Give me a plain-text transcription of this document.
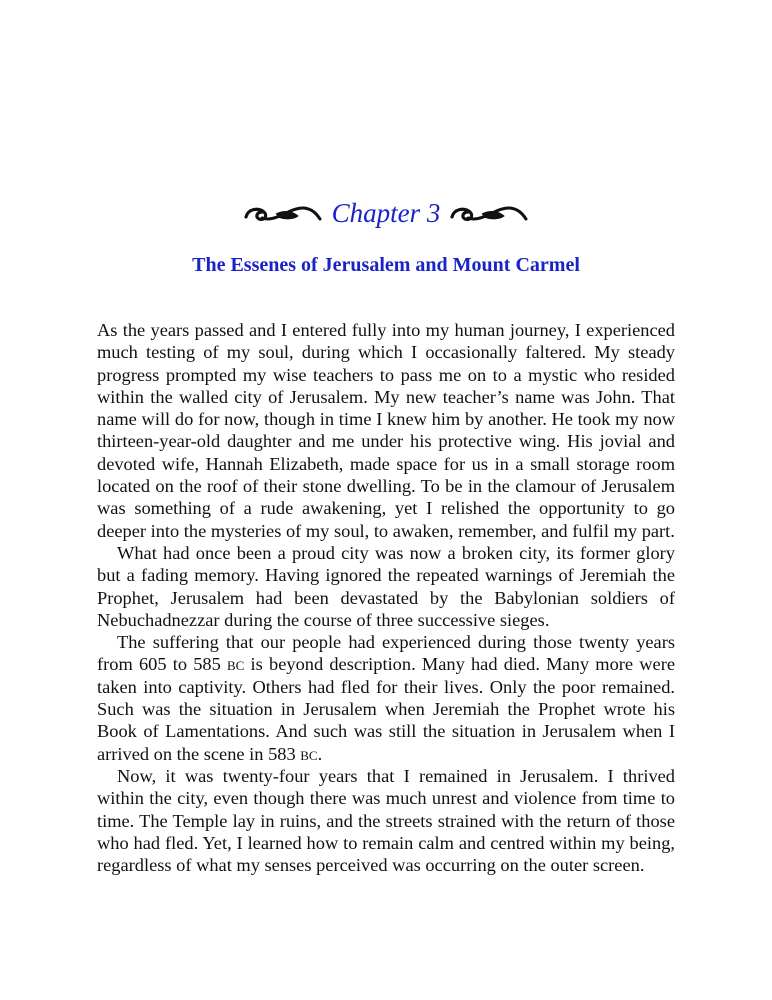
Chapter 3
The Essenes of Jerusalem and Mount Carmel

As the years passed and I entered fully into my human journey, I experienced much testing of my soul, during which I occasionally faltered. My steady progress prompted my wise teachers to pass me on to a mystic who resided within the walled city of Jerusalem. My new teacher’s name was John. That name will do for now, though in time I knew him by another. He took my now thirteen-year-old daughter and me under his protective wing. His jovial and devoted wife, Hannah Elizabeth, made space for us in a small storage room located on the roof of their stone dwelling. To be in the clamour of Jerusalem was something of a rude awakening, yet I relished the opportunity to go deeper into the mysteries of my soul, to awaken, remember, and fulfil my part.

What had once been a proud city was now a broken city, its former glory but a fading memory. Having ignored the repeated warnings of Jeremiah the Prophet, Jerusalem had been devastated by the Babylonian soldiers of Nebuchadnezzar during the course of three successive sieges.

The suffering that our people had experienced during those twenty years from 605 to 585 bc is beyond description. Many had died. Many more were taken into captivity. Others had fled for their lives. Only the poor remained. Such was the situation in Jerusalem when Jeremiah the Prophet wrote his Book of Lamentations. And such was still the situation in Jerusalem when I arrived on the scene in 583 bc.

Now, it was twenty-four years that I remained in Jerusalem. I thrived within the city, even though there was much unrest and violence from time to time. The Temple lay in ruins, and the streets strained with the return of those who had fled. Yet, I learned how to remain calm and centred within my being, regardless of what my senses perceived was occurring on the outer screen.
